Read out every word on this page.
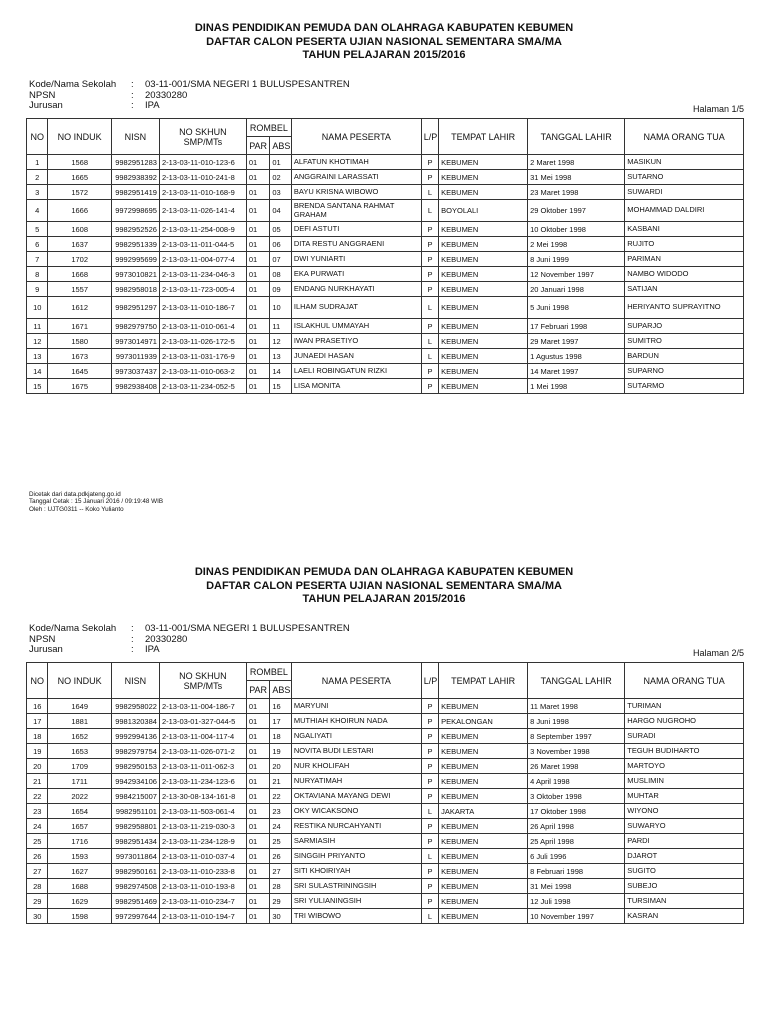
DINAS PENDIDIKAN PEMUDA DAN OLAHRAGA KABUPATEN KEBUMEN
DAFTAR CALON PESERTA UJIAN NASIONAL SEMENTARA SMA/MA
TAHUN PELAJARAN 2015/2016
Kode/Nama Sekolah	:	03-11-001/SMA NEGERI 1 BULUSPESANTREN
NPSN	:	20330280
Jurusan	:	IPA	Halaman 1/5
NO	NO INDUK	NISN	NO SKHUN SMP/MTs	ROMBEL		NAMA PESERTA	L/P	TEMPAT LAHIR	TANGGAL LAHIR	NAMA ORANG TUA
				PAR	ABS					
1	1568	9982951283	2-13-03-11-010-123-6	01	01	ALFATUN KHOTIMAH	P	KEBUMEN	2 Maret 1998	MASIKUN
2	1665	9982938392	2-13-03-11-010-241-8	01	02	ANGGRAINI LARASSATI	P	KEBUMEN	31 Mei 1998	SUTARNO
3	1572	9982951419	2-13-03-11-010-168-9	01	03	BAYU KRISNA WIBOWO	L	KEBUMEN	23 Maret 1998	SUWARDI
4	1666	9972998695	2-13-03-11-026-141-4	01	04	BRENDA SANTANA RAHMAT GRAHAM	L	BOYOLALI	29 Oktober 1997	MOHAMMAD DALDIRI
5	1608	9982952526	2-13-03-11-254-008-9	01	05	DEFI ASTUTI	P	KEBUMEN	10 Oktober 1998	KASBANI
6	1637	9982951339	2-13-03-11-011-044-5	01	06	DITA RESTU ANGGRAENI	P	KEBUMEN	2 Mei 1998	RUJITO
7	1702	9992995699	2-13-03-11-004-077-4	01	07	DWI YUNIARTI	P	KEBUMEN	8 Juni 1999	PARIMAN
8	1668	9973010821	2-13-03-11-234-046-3	01	08	EKA PURWATI	P	KEBUMEN	12 November 1997	NAMBO WIDODO
9	1557	9982958018	2-13-03-11-723-005-4	01	09	ENDANG NURKHAYATI	P	KEBUMEN	20 Januari 1998	SATIJAN
10	1612	9982951297	2-13-03-11-010-186-7	01	10	ILHAM SUDRAJAT	L	KEBUMEN	5 Juni 1998	HERIYANTO SUPRAYITNO
11	1671	9982979750	2-13-03-11-010-061-4	01	11	ISLAKHUL UMMAYAH	P	KEBUMEN	17 Februari 1998	SUPARJO
12	1580	9973014971	2-13-03-11-026-172-5	01	12	IWAN PRASETIYO	L	KEBUMEN	29 Maret 1997	SUMITRO
13	1673	9973011939	2-13-03-11-031-176-9	01	13	JUNAEDI HASAN	L	KEBUMEN	1 Agustus 1998	BARDUN
14	1645	9973037437	2-13-03-11-010-063-2	01	14	LAELI ROBINGATUN RIZKI	P	KEBUMEN	14 Maret 1997	SUPARNO
15	1675	9982938408	2-13-03-11-234-052-5	01	15	LISA MONITA	P	KEBUMEN	1 Mei 1998	SUTARMO
Dicetak dari data.pdkjateng.go.id
Tanggal Cetak : 15 Januari 2016 / 09:19:48 WIB
Oleh : UJTG0311 -- Koko Yulianto
DINAS PENDIDIKAN PEMUDA DAN OLAHRAGA KABUPATEN KEBUMEN
DAFTAR CALON PESERTA UJIAN NASIONAL SEMENTARA SMA/MA
TAHUN PELAJARAN 2015/2016
Kode/Nama Sekolah	:	03-11-001/SMA NEGERI 1 BULUSPESANTREN
NPSN	:	20330280
Jurusan	:	IPA	Halaman 2/5
NO	NO INDUK	NISN	NO SKHUN SMP/MTs	ROMBEL		NAMA PESERTA	L/P	TEMPAT LAHIR	TANGGAL LAHIR	NAMA ORANG TUA
				PAR	ABS					
16	1649	9982958022	2-13-03-11-004-186-7	01	16	MARYUNI	P	KEBUMEN	11 Maret 1998	TURIMAN
17	1881	9981320384	2-13-03-01-327-044-5	01	17	MUTHIAH KHOIRUN NADA	P	PEKALONGAN	8 Juni 1998	HARGO NUGROHO
18	1652	9992994136	2-13-03-11-004-117-4	01	18	NGALIYATI	P	KEBUMEN	8 September 1997	SURADI
19	1653	9982979754	2-13-03-11-026-071-2	01	19	NOVITA BUDI LESTARI	P	KEBUMEN	3 November 1998	TEGUH BUDIHARTO
20	1709	9982950153	2-13-03-11-011-062-3	01	20	NUR KHOLIFAH	P	KEBUMEN	26 Maret 1998	MARTOYO
21	1711	9942934106	2-13-03-11-234-123-6	01	21	NURYATIMAH	P	KEBUMEN	4 April 1998	MUSLIMIN
22	2022	9984215007	2-13-30-08-134-161-8	01	22	OKTAVIANA MAYANG DEWI	P	KEBUMEN	3 Oktober 1998	MUHTAR
23	1654	9982951101	2-13-03-11-503-061-4	01	23	OKY WICAKSONO	L	JAKARTA	17 Oktober 1998	WIYONO
24	1657	9982958801	2-13-03-11-219-030-3	01	24	RESTIKA NURCAHYANTI	P	KEBUMEN	26 April 1998	SUWARYO
25	1716	9982951434	2-13-03-11-234-128-9	01	25	SARMIASIH	P	KEBUMEN	25 April 1998	PARDI
26	1593	9973011864	2-13-03-11-010-037-4	01	26	SINGGIH PRIYANTO	L	KEBUMEN	6 Juli 1996	DJAROT
27	1627	9982950161	2-13-03-11-010-233-8	01	27	SITI KHOIRIYAH	P	KEBUMEN	8 Februari 1998	SUGITO
28	1688	9982974508	2-13-03-11-010-193-8	01	28	SRI SULASTRININGSIH	P	KEBUMEN	31 Mei 1998	SUBEJO
29	1629	9982951469	2-13-03-11-010-234-7	01	29	SRI YULIANINGSIH	P	KEBUMEN	12 Juli 1998	TURSIMAN
30	1598	9972997644	2-13-03-11-010-194-7	01	30	TRI WIBOWO	L	KEBUMEN	10 November 1997	KASRAN
